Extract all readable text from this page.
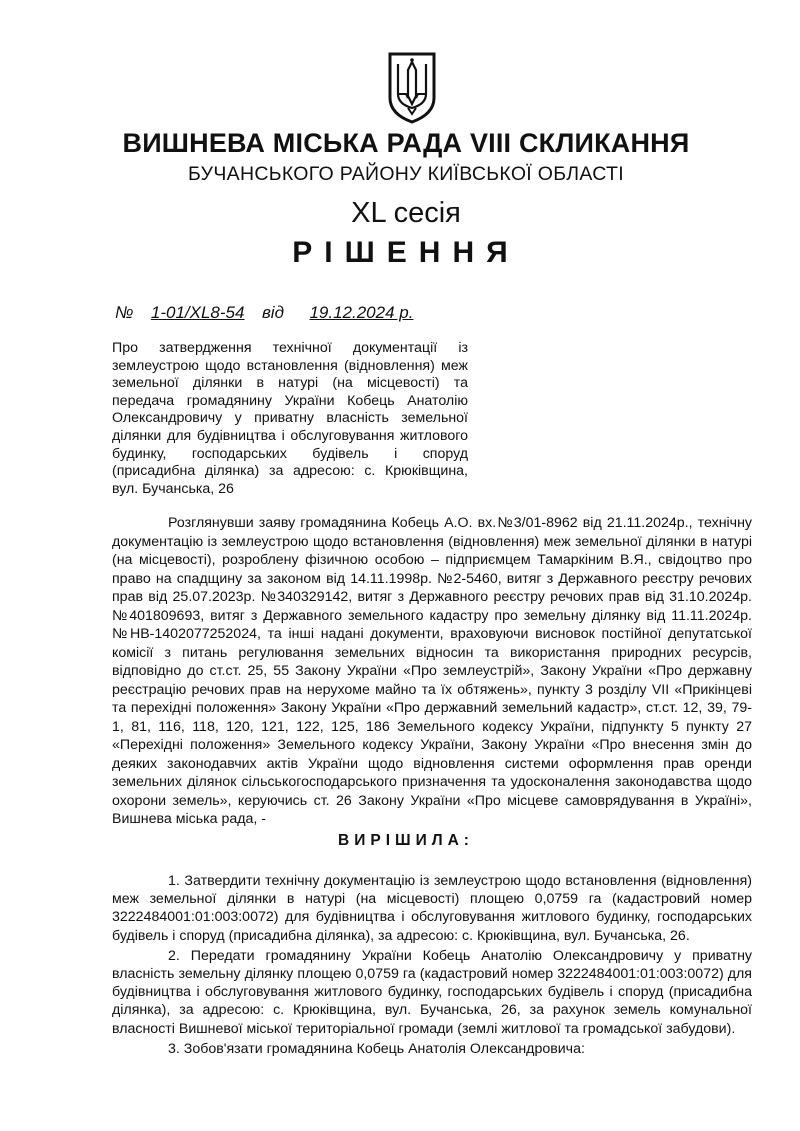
ВИШНЕВА МІСЬКА РАДА VIII СКЛИКАННЯ
БУЧАНСЬКОГО РАЙОНУ КИЇВСЬКОЇ ОБЛАСТІ
XL сесія
РІШЕННЯ
№ 1-01/XL8-54 від 19.12.2024 р.
Про затвердження технічної документації із землеустрою щодо встановлення (відновлення) меж земельної ділянки в натурі (на місцевості) та передача громадянину України Кобець Анатолію Олександровичу у приватну власність земельної ділянки для будівництва і обслуговування житлового будинку, господарських будівель і споруд (присадибна ділянка) за адресою: с. Крюківщина, вул. Бучанська, 26
Розглянувши заяву громадянина Кобець А.О. вх.№3/01-8962 від 21.11.2024р., технічну документацію із землеустрою щодо встановлення (відновлення) меж земельної ділянки в натурі (на місцевості), розроблену фізичною особою – підприємцем Тамаркіним В.Я., свідоцтво про право на спадщину за законом від 14.11.1998р. №2-5460, витяг з Державного реєстру речових прав від 25.07.2023р. №340329142, витяг з Державного реєстру речових прав від 31.10.2024р. №401809693, витяг з Державного земельного кадастру про земельну ділянку від 11.11.2024р. №НВ-1402077252024, та інші надані документи, враховуючи висновок постійної депутатської комісії з питань регулювання земельних відносин та використання природних ресурсів, відповідно до ст.ст. 25, 55 Закону України «Про землеустрій», Закону України «Про державну реєстрацію речових прав на нерухоме майно та їх обтяжень», пункту 3 розділу VII «Прикінцеві та перехідні положення» Закону України «Про державний земельний кадастр», ст.ст. 12, 39, 79-1, 81, 116, 118, 120, 121, 122, 125, 186 Земельного кодексу України, підпункту 5 пункту 27 «Перехідні положення» Земельного кодексу України, Закону України «Про внесення змін до деяких законодавчих актів України щодо відновлення системи оформлення прав оренди земельних ділянок сільськогосподарського призначення та удосконалення законодавства щодо охорони земель», керуючись ст. 26 Закону України «Про місцеве самоврядування в Україні», Вишнева міська рада, -
ВИРІШИЛА:

1. Затвердити технічну документацію із землеустрою щодо встановлення (відновлення) меж земельної ділянки в натурі (на місцевості) площею 0,0759 га (кадастровий номер 3222484001:01:003:0072) для будівництва і обслуговування житлового будинку, господарських будівель і споруд (присадибна ділянка), за адресою: с. Крюківщина, вул. Бучанська, 26.

2. Передати громадянину України Кобець Анатолію Олександровичу у приватну власність земельну ділянку площею 0,0759 га (кадастровий номер 3222484001:01:003:0072) для будівництва і обслуговування житлового будинку, господарських будівель і споруд (присадибна ділянка), за адресою: с. Крюківщина, вул. Бучанська, 26, за рахунок земель комунальної власності Вишневої міської територіальної громади (землі житлової та громадської забудови).

3. Зобов'язати громадянина Кобець Анатолія Олександровича:
